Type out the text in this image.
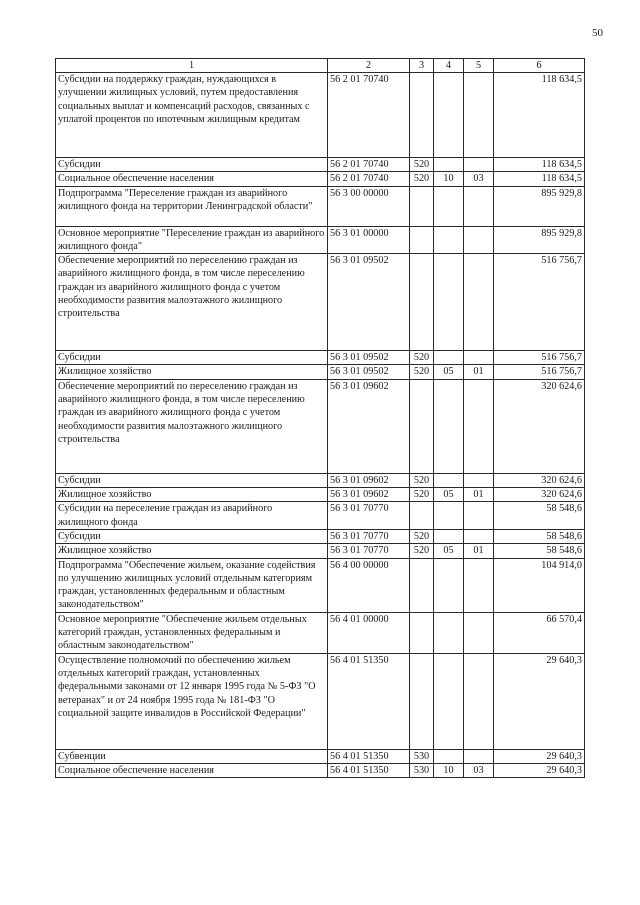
50
1	2	3	4	5	6
Субсидии на поддержку граждан, нуждающихся в улучшении жилищных условий, путем предоставления социальных выплат и компенсаций расходов, связанных с уплатой процентов по ипотечным жилищным кредитам	56 2 01 70740				118 634,5
Субсидии	56 2 01 70740	520			118 634,5
Социальное обеспечение населения	56 2 01 70740	520	10	03	118 634,5
Подпрограмма "Переселение граждан из аварийного жилищного фонда на территории Ленинградской области"	56 3 00 00000				895 929,8
Основное мероприятие "Переселение граждан из аварийного жилищного фонда"	56 3 01 00000				895 929,8
Обеспечение мероприятий по переселению граждан из аварийного жилищного фонда, в том числе переселению граждан из аварийного жилищного фонда с учетом необходимости развития малоэтажного жилищного строительства	56 3 01 09502				516 756,7
Субсидии	56 3 01 09502	520			516 756,7
Жилищное хозяйство	56 3 01 09502	520	05	01	516 756,7
Обеспечение мероприятий по переселению граждан из аварийного жилищного фонда, в том числе переселению граждан из аварийного жилищного фонда с учетом необходимости развития малоэтажного жилищного строительства	56 3 01 09602				320 624,6
Субсидии	56 3 01 09602	520			320 624,6
Жилищное хозяйство	56 3 01 09602	520	05	01	320 624,6
Субсидии на переселение граждан из аварийного жилищного фонда	56 3 01 70770				58 548,6
Субсидии	56 3 01 70770	520			58 548,6
Жилищное хозяйство	56 3 01 70770	520	05	01	58 548,6
Подпрограмма "Обеспечение жильем, оказание содействия по улучшению жилищных условий отдельным категориям граждан, установленных федеральным и областным законодательством"	56 4 00 00000				104 914,0
Основное мероприятие "Обеспечение жильем отдельных категорий граждан, установленных федеральным и областным законодательством"	56 4 01 00000				66 570,4
Осуществление полномочий по обеспечению жильем отдельных категорий граждан, установленных федеральными законами от 12 января 1995 года № 5-ФЗ "О ветеранах" и от 24 ноября 1995 года № 181-ФЗ "О социальной защите инвалидов в Российской Федерации"	56 4 01 51350				29 640,3
Субвенции	56 4 01 51350	530			29 640,3
Социальное обеспечение населения	56 4 01 51350	530	10	03	29 640,3
